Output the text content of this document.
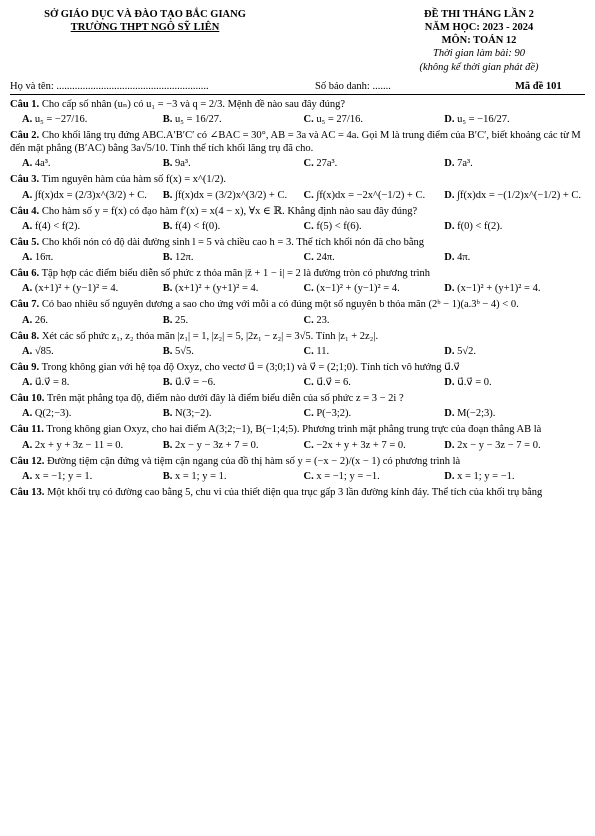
SỞ GIÁO DỤC VÀ ĐÀO TẠO BẮC GIANG
TRƯỜNG THPT NGÔ SỸ LIÊN
ĐỀ THI THÁNG LẦN 2
NĂM HỌC: 2023 - 2024
MÔN: TOÁN 12
Thời gian làm bài: 90
(không kể thời gian phát đề)
Họ và tên: ..........................................................	Số báo danh: .......	Mã đề 101
Câu 1. Cho cấp số nhân (uₙ) có u₁ = −3 và q = 2/3. Mệnh đề nào sau đây đúng?
A. u₅ = −27/16.	B. u₅ = 16/27.	C. u₅ = 27/16.	D. u₅ = −16/27.
Câu 2. Cho khối lăng trụ đứng ABC.A′B′C′ có ∠BAC = 30°, AB = 3a và AC = 4a. Gọi M là trung điểm của B′C′, biết khoảng các từ M đến mặt phẳng (B′AC) bằng 3a√5/10. Tính thể tích khối lăng trụ đã cho.
A. 4a³.	B. 9a³.	C. 27a³.	D. 7a³.
Câu 3. Tìm nguyên hàm của hàm số f(x) = x^(1/2).
A. ∫f(x)dx = (2/3)x^(3/2) + C.	B. ∫f(x)dx = (3/2)x^(3/2) + C.	C. ∫f(x)dx = −2x^(−1/2) + C.	D. ∫f(x)dx = −(1/2)x^(−1/2) + C.
Câu 4. Cho hàm số y = f(x) có đạo hàm f′(x) = x(4 − x), ∀x ∈ ℝ. Khẳng định nào sau đây đúng?
A. f(4) < f(2).	B. f(4) < f(0).	C. f(5) < f(6).	D. f(0) < f(2).
Câu 5. Cho khối nón có độ dài đường sinh l = 5 và chiều cao h = 3. Thể tích khối nón đã cho bằng
A. 16π.	B. 12π.	C. 24π.	D. 4π.
Câu 6. Tập hợp các điểm biểu diễn số phức z thỏa mãn |z̄ + 1 − i| = 2 là đường tròn có phương trình
A. (x+1)² + (y−1)² = 4.	B. (x+1)² + (y+1)² = 4.	C. (x−1)² + (y−1)² = 4.	D. (x−1)² + (y+1)² = 4.
Câu 7. Có bao nhiêu số nguyên dương a sao cho ứng với mỗi a có đúng một số nguyên b thỏa mãn (2ᵇ − 1)(a.3ᵇ − 4) < 0.
A. 26.	B. 25.	C. 23.
Câu 8. Xét các số phức z₁, z₂ thỏa mãn |z₁| = 1, |z₂| = 5, |2z₁ − z₂| = 3√5. Tính |z₁ + 2z₂|.
A. √85.	B. 5√5.	C. 11.	D. 5√2.
Câu 9. Trong không gian với hệ tọa độ Oxyz, cho vectơ u⃗ = (3;0;1) và v⃗ = (2;1;0). Tính tích vô hướng u⃗.v⃗
A. u⃗.v⃗ = 8.	B. u⃗.v⃗ = −6.	C. u⃗.v⃗ = 6.	D. u⃗.v⃗ = 0.
Câu 10. Trên mặt phẳng tọa độ, điểm nào dưới đây là điểm biểu diễn của số phức z = 3 − 2i ?
A. Q(2;−3).	B. N(3;−2).	C. P(−3;2).	D. M(−2;3).
Câu 11. Trong không gian Oxyz, cho hai điểm A(3;2;−1), B(−1;4;5). Phương trình mặt phẳng trung trực của đoạn thẳng AB là
A. 2x + y + 3z − 11 = 0.	B. 2x − y − 3z + 7 = 0.	C. −2x + y + 3z + 7 = 0.	D. 2x − y − 3z − 7 = 0.
Câu 12. Đường tiệm cận đứng và tiệm cận ngang của đồ thị hàm số y = (−x − 2)/(x − 1) có phương trình là
A. x = −1; y = 1.	B. x = 1; y = 1.	C. x = −1; y = −1.	D. x = 1; y = −1.
Câu 13. Một khối trụ có đường cao bằng 5, chu vi của thiết diện qua trục gấp 3 lần đường kính đáy. Thể tích của khối trụ bằng
